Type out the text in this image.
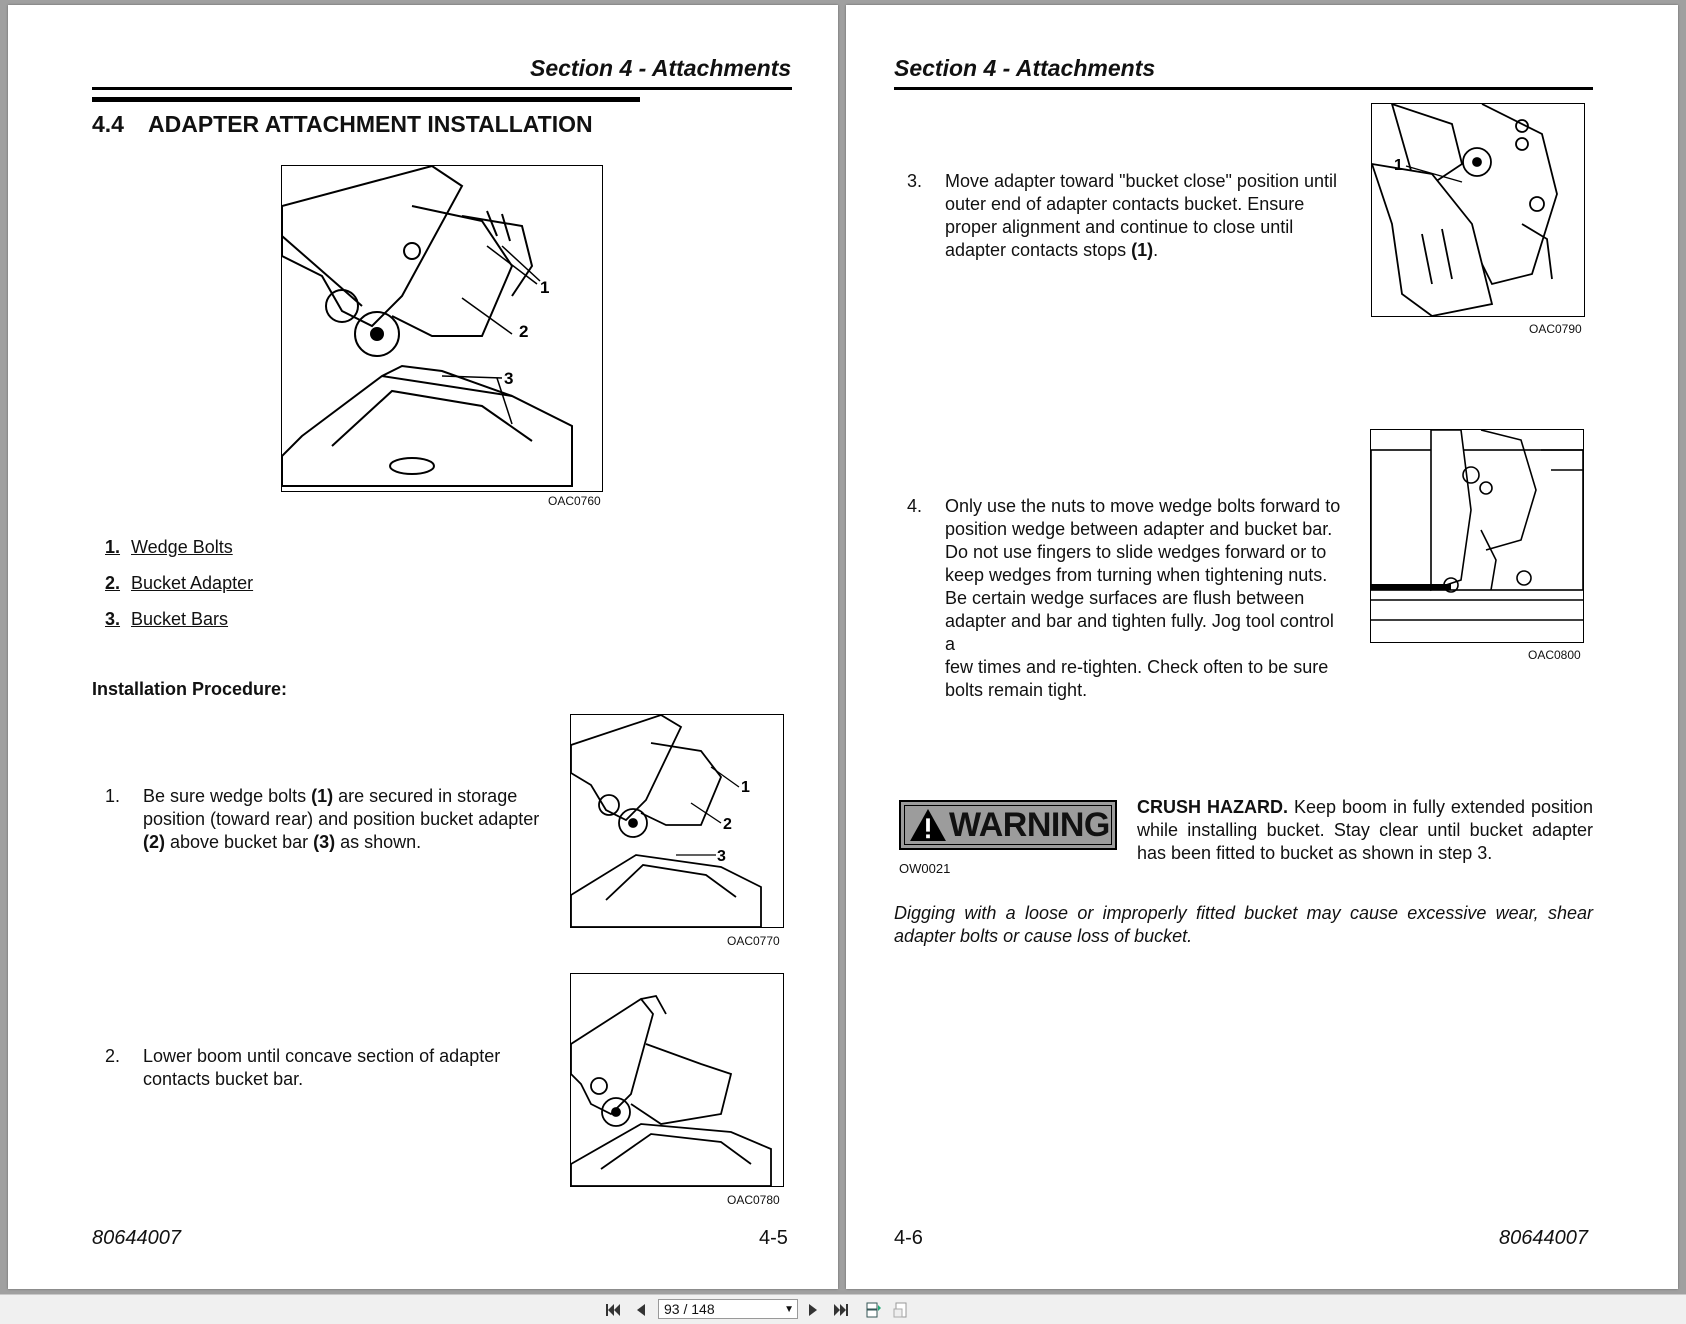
Section 4 - Attachments
4.4 ADAPTER ATTACHMENT INSTALLATION
1
2
3
OAC0760
1. Wedge Bolts
2. Bucket Adapter
3. Bucket Bars
Installation Procedure:
1. Be sure wedge bolts (1) are secured in storage
position (toward rear) and position bucket adapter
(2) above bucket bar (3) as shown.
1
2
3
OAC0770
2. Lower boom until concave section of adapter
contacts bucket bar.
OAC0780
80644007	4-5
Section 4 - Attachments
3. Move adapter toward "bucket close" position until
outer end of adapter contacts bucket. Ensure
proper alignment and continue to close until
adapter contacts stops (1).
1
OAC0790
4. Only use the nuts to move wedge bolts forward to
position wedge between adapter and bucket bar.
Do not use fingers to slide wedges forward or to
keep wedges from turning when tightening nuts.
Be certain wedge surfaces are flush between
adapter and bar and tighten fully. Jog tool control a
few times and re-tighten. Check often to be sure
bolts remain tight.
OAC0800
WARNING
OW0021
CRUSH HAZARD. Keep boom in fully extended position while installing bucket. Stay clear until bucket adapter has been fitted to bucket as shown in step 3.
Digging with a loose or improperly fitted bucket may cause excessive wear, shear adapter bolts or cause loss of bucket.
4-6	80644007
93 / 148	▼
